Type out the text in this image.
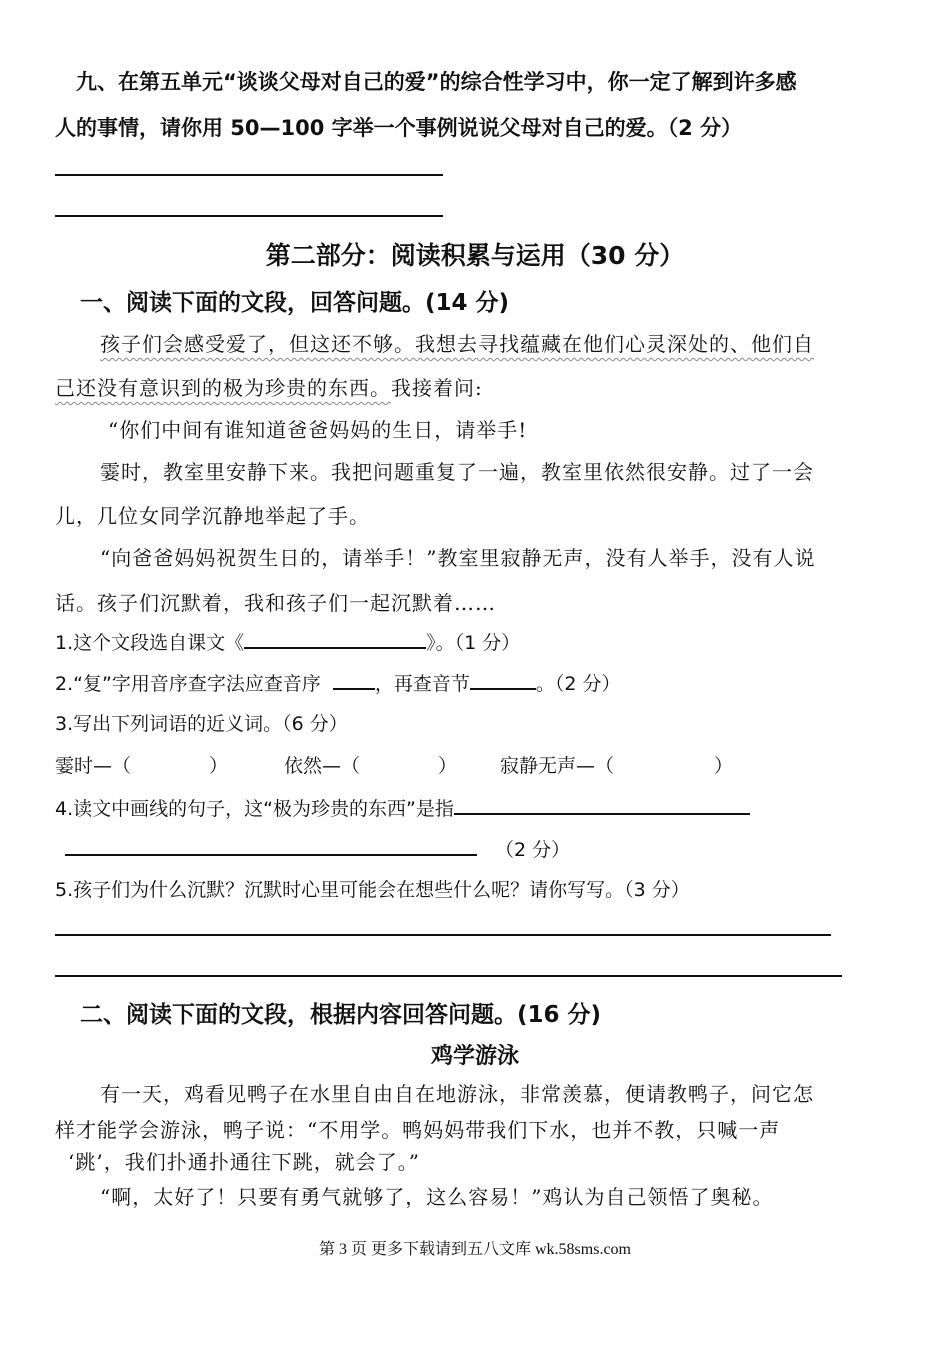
九、在第五单元“谈谈父母对自己的爱”的综合性学习中，你一定了解到许多感
人的事情，请你用 50—100 字举一个事例说说父母对自己的爱。（2 分）
第二部分：阅读积累与运用（30 分）
一、阅读下面的文段，回答问题。(14 分)
孩子们会感受爱了，但这还不够。我想去寻找蕴藏在他们心灵深处的、他们自
己还没有意识到的极为珍贵的东西。我接着问:
“你们中间有谁知道爸爸妈妈的生日，请举手!
霎时，教室里安静下来。我把问题重复了一遍，教室里依然很安静。过了一会
儿，几位女同学沉静地举起了手。
“向爸爸妈妈祝贺生日的，请举手！”教室里寂静无声，没有人举手，没有人说
话。孩子们沉默着，我和孩子们一起沉默着……
1.这个文段选自课文《	》。（1 分）
2.“复”字用音序查字法应查音序	，再查音节	。（2 分）
3.写出下列词语的近义词。（6 分）
霎时—（	）	依然—（	） 寂静无声—（	）
4.读文中画线的句子，这“极为珍贵的东西”是指
（2 分）
5.孩子们为什么沉默？沉默时心里可能会在想些什么呢？请你写写。（3 分）
二、阅读下面的文段，根据内容回答问题。(16 分)
鸡学游泳
有一天，鸡看见鸭子在水里自由自在地游泳，非常羡慕，便请教鸭子，问它怎
样才能学会游泳，鸭子说：“不用学。鸭妈妈带我们下水，也并不教，只喊一声
‘跳’，我们扑通扑通往下跳，就会了。”
“啊，太好了！只要有勇气就够了，这么容易！”鸡认为自己领悟了奥秘。
第 3 页 更多下载请到五八文库 wk.58sms.com
